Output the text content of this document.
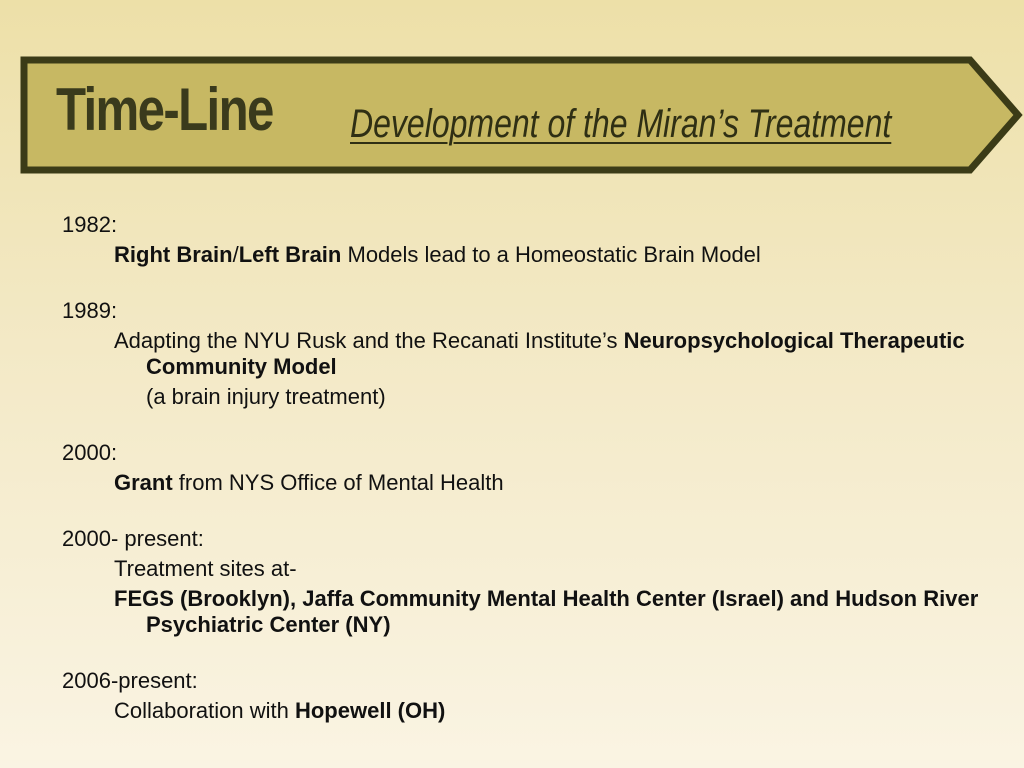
Time-Line Development of the Miran’s Treatment
1982:
Right Brain/Left Brain Models lead to a Homeostatic Brain Model
1989:
Adapting the NYU Rusk and the Recanati Institute’s Neuropsychological Therapeutic Community Model
(a brain injury treatment)
2000:
Grant from NYS Office of Mental Health
2000- present:
Treatment sites at-
FEGS (Brooklyn), Jaffa Community Mental Health Center (Israel) and Hudson River Psychiatric Center (NY)
2006-present:
Collaboration with Hopewell (OH)
